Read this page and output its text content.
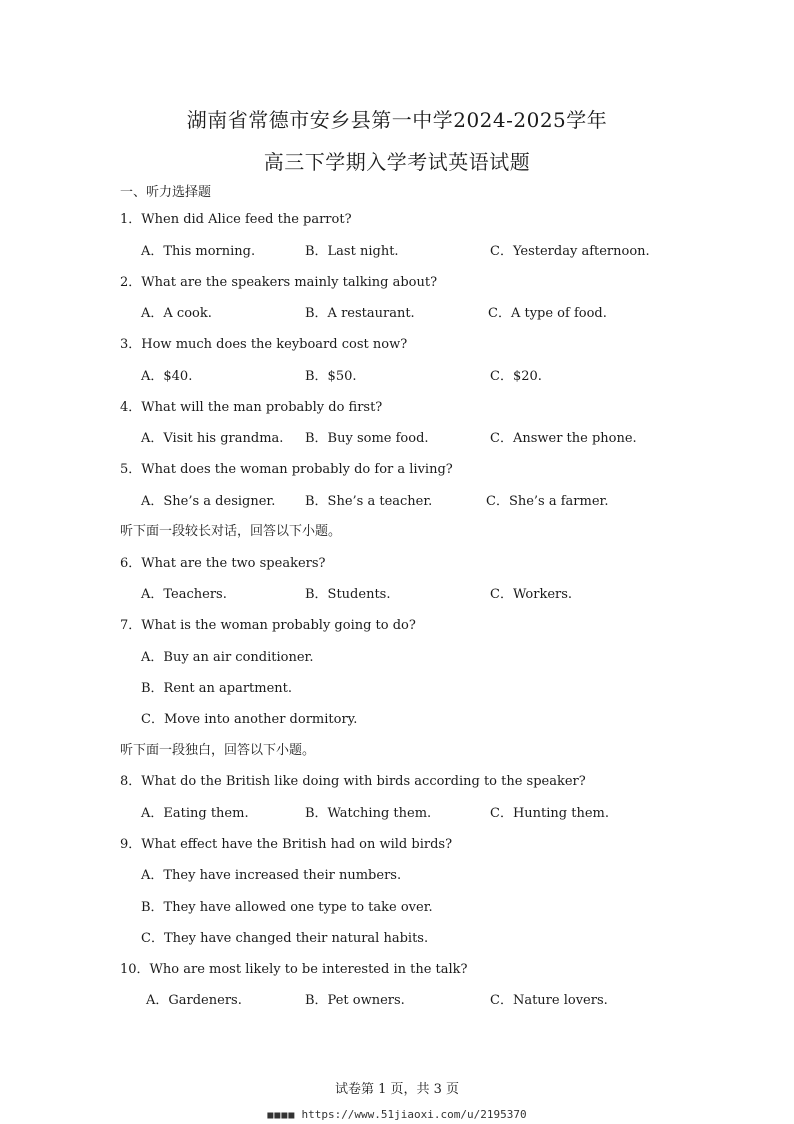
湖南省常德市安乡县第一中学2024-2025学年
高三下学期入学考试英语试题
一、听力选择题
1．When did Alice feed the parrot?
A．This morning.	B．Last night.	C．Yesterday afternoon.
2．What are the speakers mainly talking about?
A．A cook.	B．A restaurant.	C．A type of food.
3．How much does the keyboard cost now?
A．$40.	B．$50.	C．$20.
4．What will the man probably do first?
A．Visit his grandma. B．Buy some food.	C．Answer the phone.
5．What does the woman probably do for a living?
A．She’s a designer. B．She’s a teacher.	C．She’s a farmer.
听下面一段较长对话，回答以下小题。
6．What are the two speakers?
A．Teachers.	B．Students.	C．Workers.
7．What is the woman probably going to do?
A．Buy an air conditioner.
B．Rent an apartment.
C．Move into another dormitory.
听下面一段独白，回答以下小题。
8．What do the British like doing with birds according to the speaker?
A．Eating them.	B．Watching them.	C．Hunting them.
9．What effect have the British had on wild birds?
A．They have increased their numbers.
B．They have allowed one type to take over.
C．They have changed their natural habits.
10．Who are most likely to be interested in the talk?
A．Gardeners.	B．Pet owners.	C．Nature lovers.
试卷第 1 页，共 3 页
■■■■ https://www.51jiaoxi.com/u/2195370
